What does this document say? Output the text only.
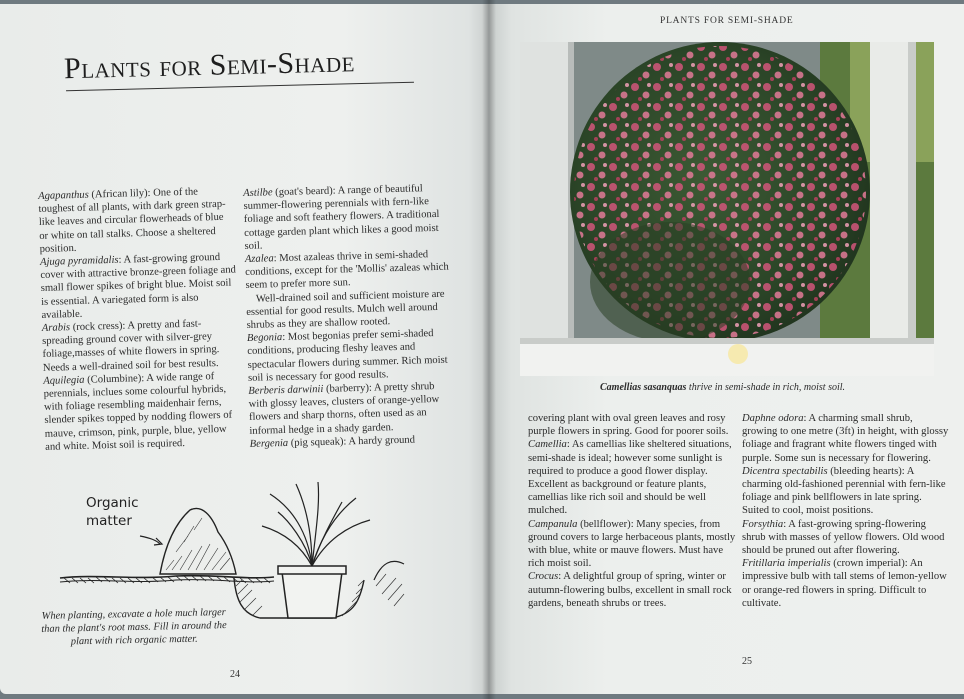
Plants for Semi-Shade

Agapanthus (African lily): One of the toughest of all plants, with dark green strap-like leaves and circular flowerheads of blue or white on tall stalks. Choose a sheltered position.

Ajuga pyramidalis: A fast-growing ground cover with attractive bronze-green foliage and small flower spikes of bright blue. Moist soil is essential. A variegated form is also available.

Arabis (rock cress): A pretty and fast-spreading ground cover with silver-grey foliage,masses of white flowers in spring. Needs a well-drained soil for best results.

Aquilegia (Columbine): A wide range of perennials, inclues some colourful hybrids, with foliage resembling maidenhair ferns, slender spikes topped by nodding flowers of mauve, crimson, pink, purple, blue, yellow and white. Moist soil is required.

Astilbe (goat's beard): A range of beautiful summer-flowering perennials with fern-like foliage and soft feathery flowers. A traditional cottage garden plant which likes a good moist soil.

Azalea: Most azaleas thrive in semi-shaded conditions, except for the 'Mollis' azaleas which seem to prefer more sun.

Well-drained soil and sufficient moisture are essential for good results. Mulch well around shrubs as they are shallow rooted.

Begonia: Most begonias prefer semi-shaded conditions, producing fleshy leaves and spectacular flowers during summer. Rich moist soil is necessary for good results.

Berberis darwinii (barberry): A pretty shrub with glossy leaves, clusters of orange-yellow flowers and sharp thorns, often used as an informal hedge in a shady garden.

Bergenia (pig squeak): A hardy ground

Organic matter
When planting, excavate a hole much larger than the plant's root mass. Fill in around the plant with rich organic matter.
24
PLANTS FOR SEMI-SHADE
Camellias sasanquas thrive in semi-shade in rich, moist soil.

covering plant with oval green leaves and rosy purple flowers in spring. Good for poorer soils.

Camellia: As camellias like sheltered situations, semi-shade is ideal; however some sunlight is required to produce a good flower display. Excellent as background or feature plants, camellias like rich soil and should be well mulched.

Campanula (bellflower): Many species, from ground covers to large herbaceous plants, mostly with blue, white or mauve flowers. Must have rich moist soil.

Crocus: A delightful group of spring, winter or autumn-flowering bulbs, excellent in small rock gardens, beneath shrubs or trees.

Daphne odora: A charming small shrub, growing to one metre (3ft) in height, with glossy foliage and fragrant white flowers tinged with purple. Some sun is necessary for flowering.

Dicentra spectabilis (bleeding hearts): A charming old-fashioned perennial with fern-like foliage and pink bellflowers in late spring. Suited to cool, moist positions.

Forsythia: A fast-growing spring-flowering shrub with masses of yellow flowers. Old wood should be pruned out after flowering.

Fritillaria imperialis (crown imperial): An impressive bulb with tall stems of lemon-yellow or orange-red flowers in spring. Difficult to cultivate.

25
